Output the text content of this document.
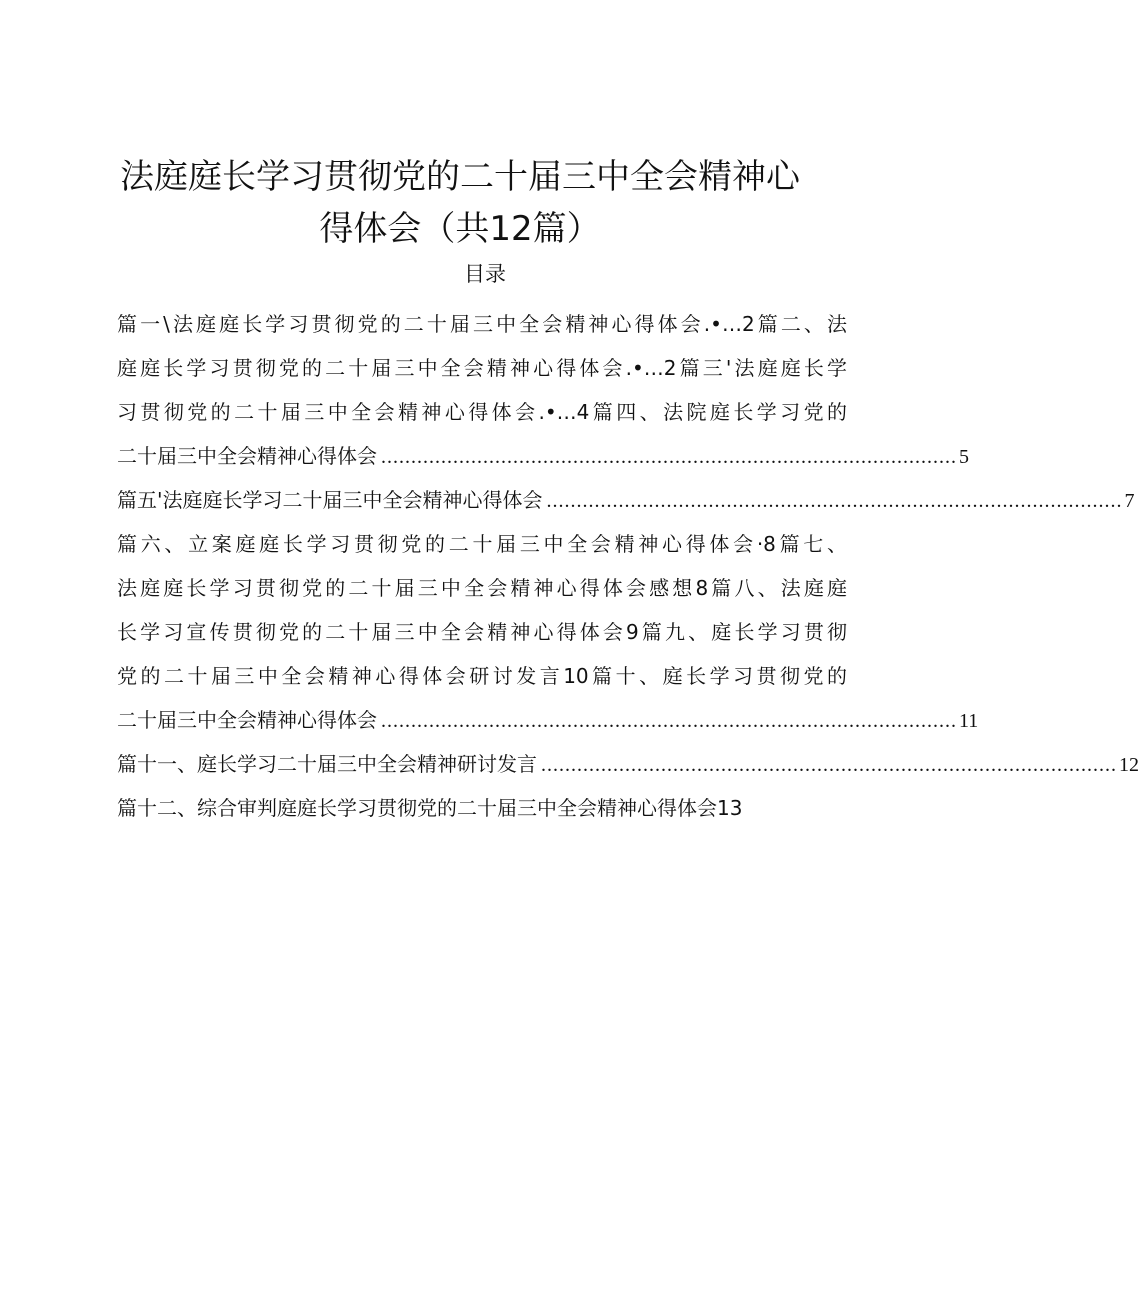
法庭庭长学习贯彻党的二十届三中全会精神心
得体会（共12篇）
目录
篇一\法庭庭长学习贯彻党的二十届三中全会精神心得体会.•…2篇二、法
庭庭长学习贯彻党的二十届三中全会精神心得体会.•…2篇三'法庭庭长学
习贯彻党的二十届三中全会精神心得体会.•…4篇四、法院庭长学习党的
二十届三中全会精神心得体会 ................................................................................................ 5
篇五'法庭庭长学习二十届三中全会精神心得体会 ................................................................................................ 7
篇六、立案庭庭长学习贯彻党的二十届三中全会精神心得体会·8篇七、
法庭庭长学习贯彻党的二十届三中全会精神心得体会感想8篇八、法庭庭
长学习宣传贯彻党的二十届三中全会精神心得体会9篇九、庭长学习贯彻
党的二十届三中全会精神心得体会研讨发言10篇十、庭长学习贯彻党的
二十届三中全会精神心得体会 ................................................................................................ 11
篇十一、庭长学习二十届三中全会精神研讨发言 ................................................................................................ 12
篇十二、综合审判庭庭长学习贯彻党的二十届三中全会精神心得体会13
